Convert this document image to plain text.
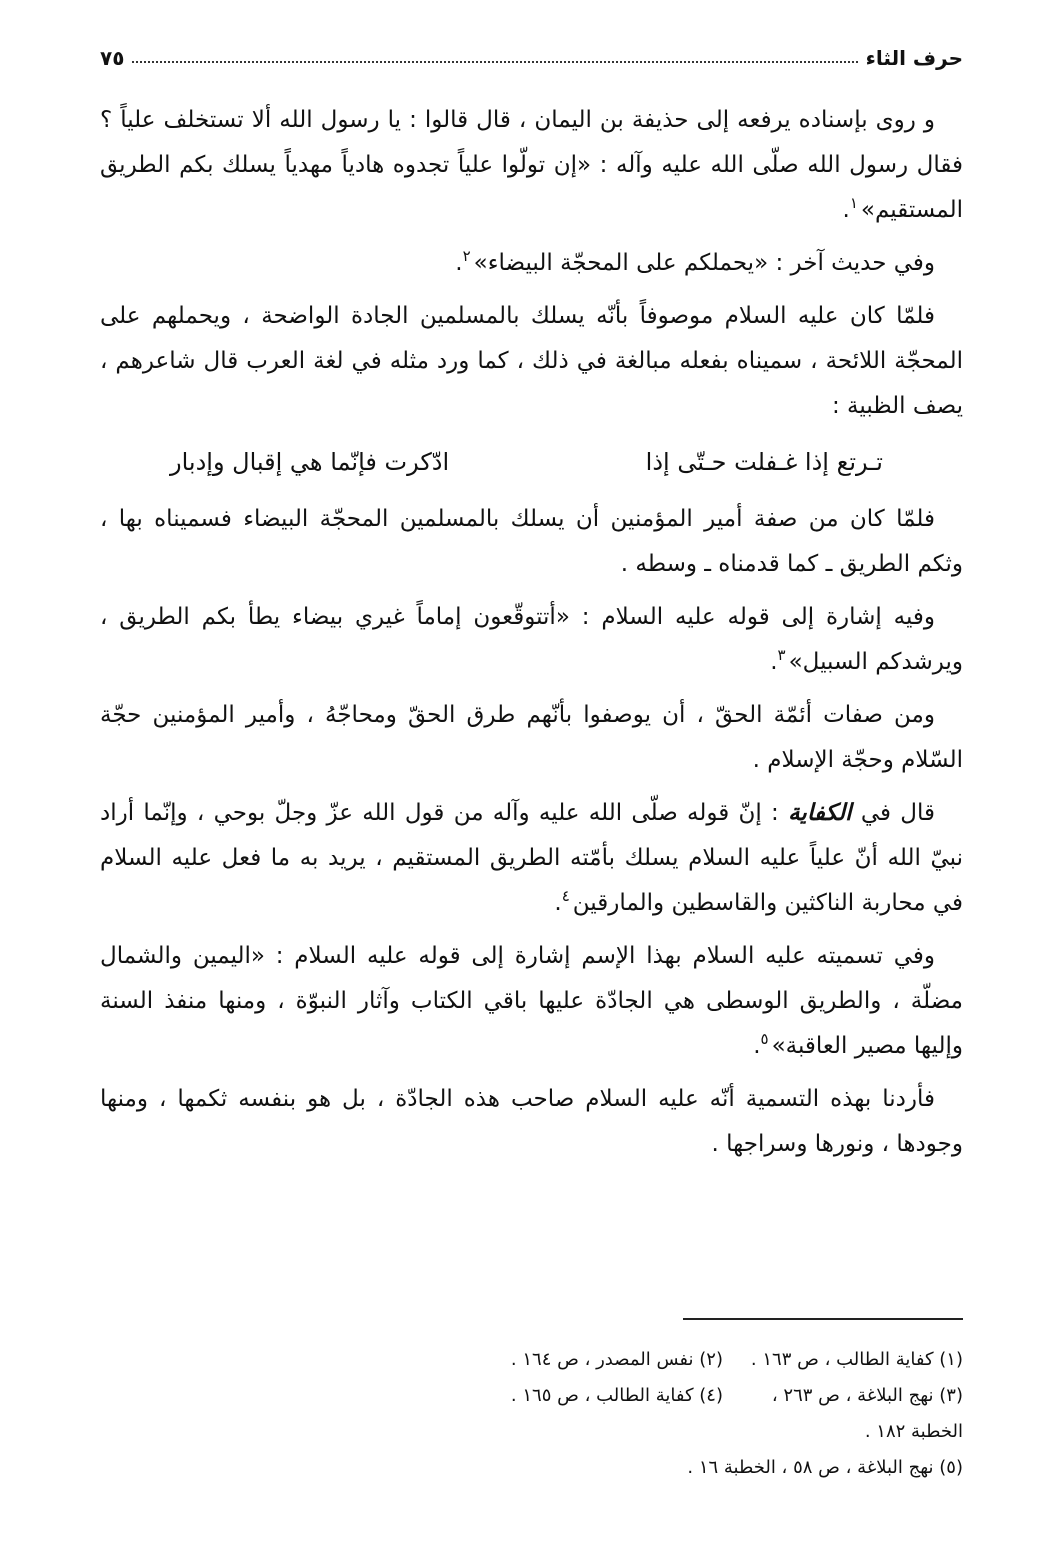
حرف الثاء
٧٥

و روى بإسناده يرفعه إلى حذيفة بن اليمان ، قال قالوا : يا رسول الله ألا تستخلف علياً ؟ فقال رسول الله صلّى الله عليه وآله : «إن تولّوا علياً تجدوه هادياً مهدياً يسلك بكم الطريق المستقيم»$^١$.

وفي حديث آخر : «يحملكم على المحجّة البيضاء»$^٢$.

فلمّا كان عليه السلام موصوفاً بأنّه يسلك بالمسلمين الجادة الواضحة ، ويحملهم على المحجّة اللائحة ، سميناه بفعله مبالغة في ذلك ، كما ورد مثله في لغة العرب قال شاعرهم ، يصف الظبية :

تـرتع إذا غـفلت حـتّى إذا
ادّكرت فإنّما هي إقبال وإدبار

فلمّا كان من صفة أمير المؤمنين أن يسلك بالمسلمين المحجّة البيضاء فسميناه بها ، وثكم الطريق ـ كما قدمناه ـ وسطه .

وفيه إشارة إلى قوله عليه السلام : «أتتوقّعون إماماً غيري بيضاء يطأ بكم الطريق ، ويرشدكم السبيل»$^٣$.

ومن صفات أئمّة الحقّ ، أن يوصفوا بأنّهم طرق الحقّ ومحاجّهُ ، وأمير المؤمنين حجّة السّلام وحجّة الإسلام .

قال في الكفاية : إنّ قوله صلّى الله عليه وآله من قول الله عزّ وجلّ بوحي ، وإنّما أراد نبيّ الله أنّ علياً عليه السلام يسلك بأمّته الطريق المستقيم ، يريد به ما فعل عليه السلام في محاربة الناكثين والقاسطين والمارقين$^٤$.

وفي تسميته عليه السلام بهذا الإسم إشارة إلى قوله عليه السلام : «اليمين والشمال مضلّة ، والطريق الوسطى هي الجادّة عليها باقي الكتاب وآثار النبوّة ، ومنها منفذ السنة وإليها مصير العاقبة»$^٥$.

فأردنا بهذه التسمية أنّه عليه السلام صاحب هذه الجادّة ، بل هو بنفسه ثكمها ، ومنها وجودها ، ونورها وسراجها .

(١) كفاية الطالب ، ص ١٦٣ .
(٢) نفس المصدر ، ص ١٦٤ .
(٣) نهج البلاغة ، ص ٢٦٣ ، الخطبة ١٨٢ .
(٤) كفاية الطالب ، ص ١٦٥ .
(٥) نهج البلاغة ، ص ٥٨ ، الخطبة ١٦ .
